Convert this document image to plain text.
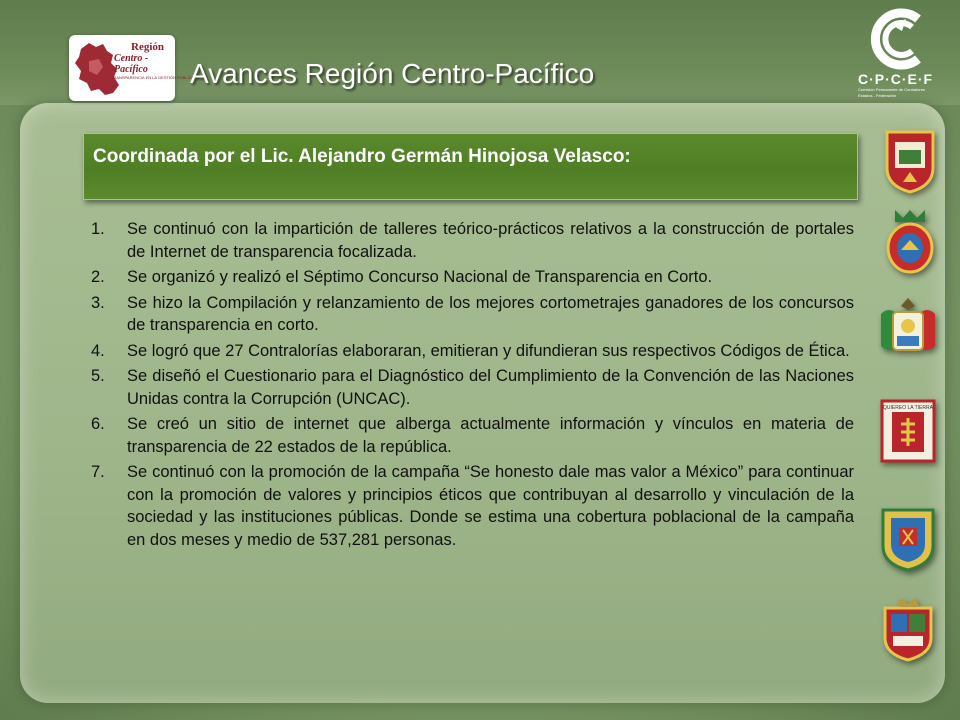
Región
Centro - Pacífico
TRANSPARENCIA EN LA GESTIÓN PÚBLICA
Avances Región Centro-Pacífico	C·P·C·E·F
Comisión Permanente de Contralores
Estados - Federación
Coordinada por el Lic. Alejandro Germán Hinojosa Velasco:
1.	Se continuó con la impartición de talleres teórico-prácticos relativos a la construcción de portales de Internet de transparencia focalizada.
2.	Se organizó y realizó el Séptimo Concurso Nacional de Transparencia en Corto.
3.	Se hizo la Compilación y relanzamiento de los mejores cortometrajes ganadores de los concursos de transparencia en corto.
4.	Se logró que 27 Contralorías elaboraran, emitieran y difundieran sus respectivos Códigos de Ética.
5.	Se diseñó el Cuestionario para el Diagnóstico del Cumplimiento de la Convención de las Naciones Unidas contra la Corrupción (UNCAC).
6.	Se creó un sitio de internet que alberga actualmente información y vínculos en materia de transparencia de 22 estados de la república.
7.	Se continuó con la promoción de la campaña “Se honesto dale mas valor a México” para continuar con la promoción de valores y principios éticos que contribuyan al desarrollo y vinculación de la sociedad y las instituciones públicas. Donde se estima una cobertura poblacional de la campaña en dos meses y medio de 537,281 personas.
QUIEREO LA TIERRA
